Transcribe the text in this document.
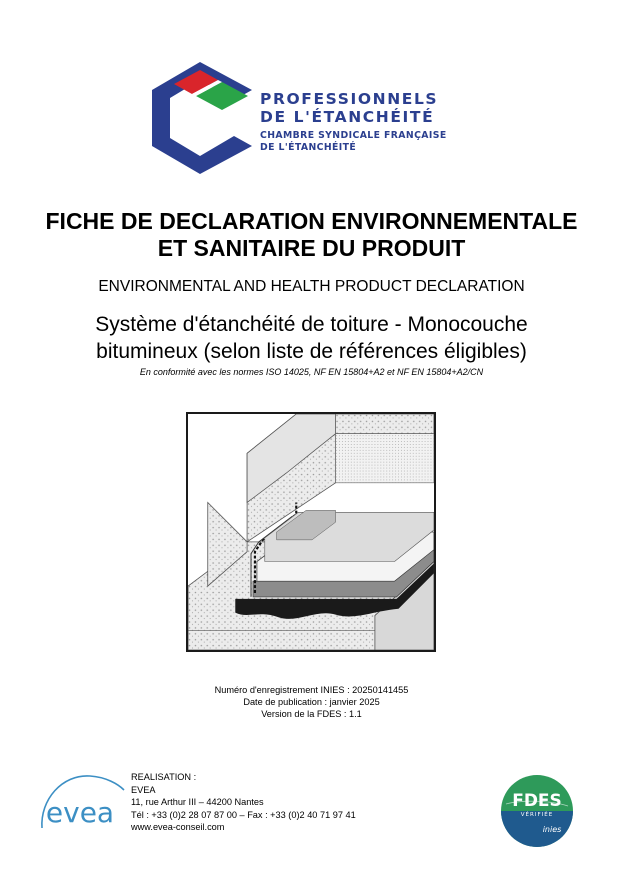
PROFESSIONNELS
DE L'ÉTANCHÉITÉ
CHAMBRE SYNDICALE FRANÇAISE
DE L'ÉTANCHÉITÉ
FICHE DE DECLARATION ENVIRONNEMENTALE
ET SANITAIRE DU PRODUIT
ENVIRONMENTAL AND HEALTH PRODUCT DECLARATION
Système d'étanchéité de toiture - Monocouche
bitumineux (selon liste de références éligibles)
En conformité avec les normes ISO 14025, NF EN 15804+A2 et NF EN 15804+A2/CN
Numéro d'enregistrement INIES : 20250141455
Date de publication : janvier 2025
Version de la FDES : 1.1
evea
REALISATION :
EVEA
11, rue Arthur III – 44200 Nantes
Tél : +33 (0)2 28 07 87 00 – Fax : +33 (0)2 40 71 97 41
www.evea-conseil.com
FDES
VÉRIFIÉE
inies
